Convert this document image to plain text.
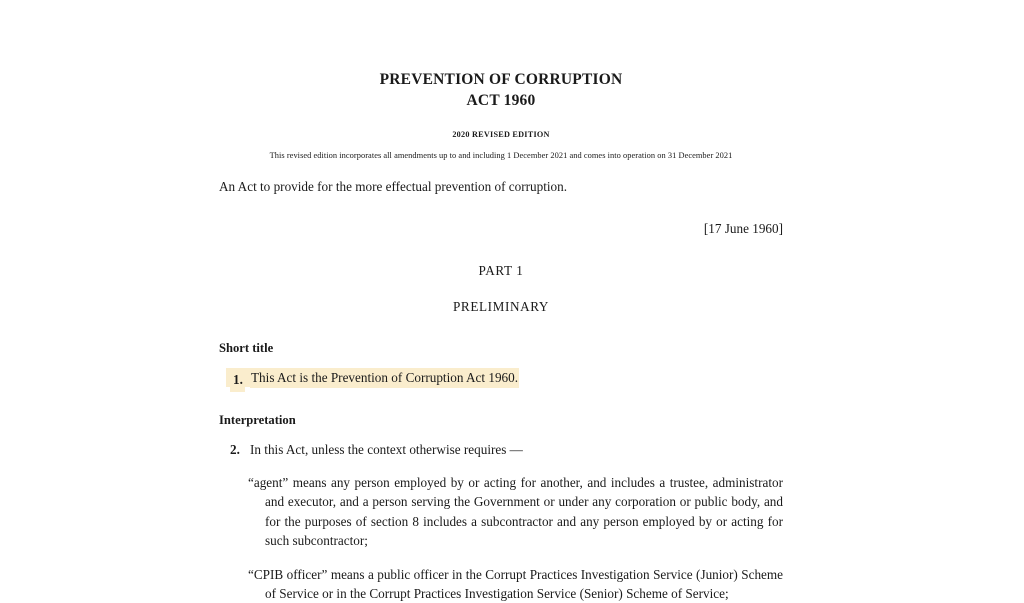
PREVENTION OF CORRUPTION
ACT 1960
2020 REVISED EDITION
This revised edition incorporates all amendments up to and including 1 December 2021 and comes into operation on 31 December 2021
An Act to provide for the more effectual prevention of corruption.
[17 June 1960]
PART 1
PRELIMINARY
Short title
1. This Act is the Prevention of Corruption Act 1960.
Interpretation
2. In this Act, unless the context otherwise requires —
“agent” means any person employed by or acting for another, and includes a trustee, administrator and executor, and a person serving the Government or under any corporation or public body, and for the purposes of section 8 includes a subcontractor and any person employed by or acting for such subcontractor;
“CPIB officer” means a public officer in the Corrupt Practices Investigation Service (Junior) Scheme of Service or in the Corrupt Practices Investigation Service (Senior) Scheme of Service;
